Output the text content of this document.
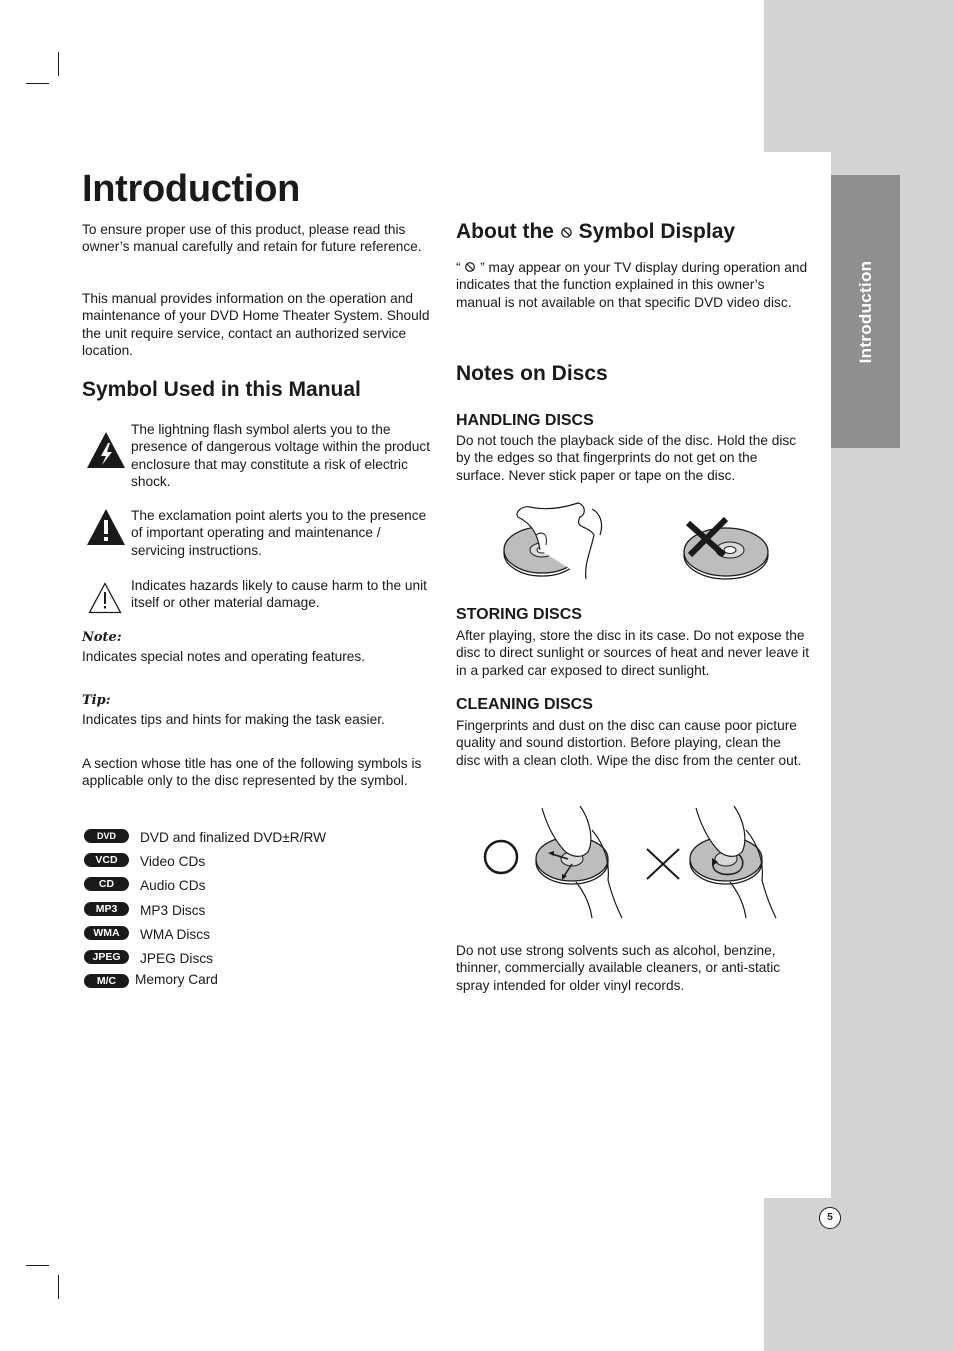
Introduction
5
Introduction

To ensure proper use of this product, please read this owner’s manual carefully and retain for future reference.

This manual provides information on the operation and maintenance of your DVD Home Theater System. Should the unit require service, contact an authorized service location.

Symbol Used in this Manual

The lightning flash symbol alerts you to the presence of dangerous voltage within the product enclosure that may constitute a risk of electric shock.

The exclamation point alerts you to the presence of important operating and maintenance / servicing instructions.

Indicates hazards likely to cause harm to the unit itself or other material damage.

Note:

Indicates special notes and operating features.

Tip:

Indicates tips and hints for making the task easier.

A section whose title has one of the following symbols is applicable only to the disc represented by the symbol.

DVD	DVD and finalized DVD±R/RW

VCD	Video CDs

CD	Audio CDs

MP3	MP3 Discs

WMA	WMA Discs

JPEG	JPEG Discs

M/C	Memory Card

About the Symbol Display

“ ” may appear on your TV display during operation and indicates that the function explained in this owner’s manual is not available on that specific DVD video disc.

Notes on Discs
HANDLING DISCS

Do not touch the playback side of the disc. Hold the disc by the edges so that fingerprints do not get on the surface. Never stick paper or tape on the disc.

STORING DISCS

After playing, store the disc in its case. Do not expose the disc to direct sunlight or sources of heat and never leave it in a parked car exposed to direct sunlight.

CLEANING DISCS

Fingerprints and dust on the disc can cause poor picture quality and sound distortion. Before playing, clean the disc with a clean cloth. Wipe the disc from the center out.

Do not use strong solvents such as alcohol, benzine, thinner, commercially available cleaners, or anti-static spray intended for older vinyl records.
